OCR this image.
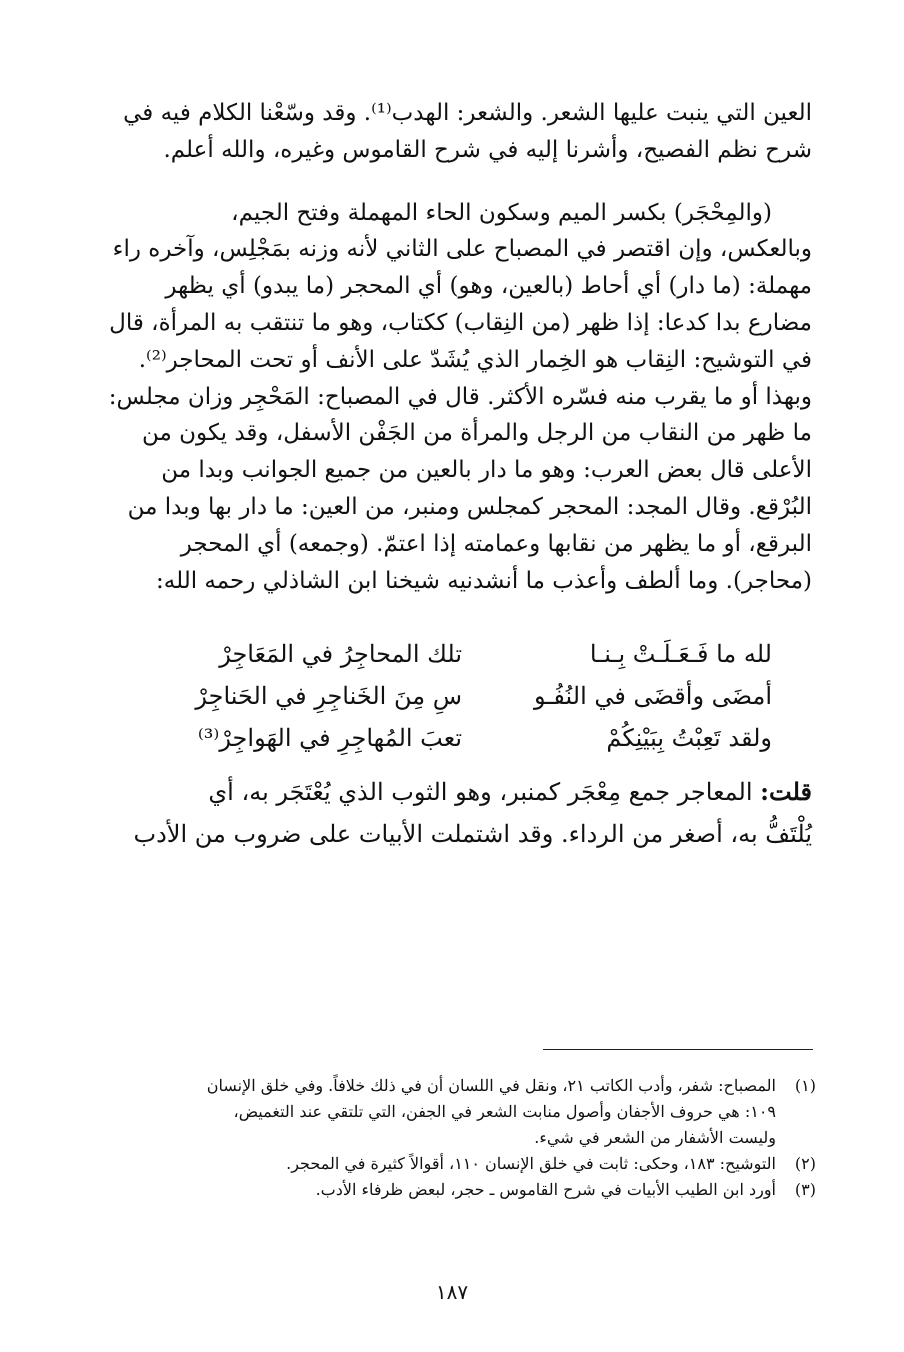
العين التي ينبت عليها الشعر. والشعر: الهدب⁽¹⁾. وقد وسّعْنا الكلام فيه في
شرح نظم الفصيح، وأشرنا إليه في شرح القاموس وغيره، والله أعلم.
(والمِحْجَر) بكسر الميم وسكون الحاء المهملة وفتح الجيم،
وبالعكس، وإن اقتصر في المصباح على الثاني لأنه وزنه بمَجْلِس، وآخره راء
مهملة: (ما دار) أي أحاط (بالعين، وهو) أي المحجر (ما يبدو) أي يظهر
مضارع بدا كدعا: إذا ظهر (من النِقاب) ككتاب، وهو ما تنتقب به المرأة، قال
في التوشيح: النِقاب هو الخِمار الذي يُشَدّ على الأنف أو تحت المحاجر⁽²⁾.
وبهذا أو ما يقرب منه فسّره الأكثر. قال في المصباح: المَحْجِر وزان مجلس:
ما ظهر من النقاب من الرجل والمرأة من الجَفْن الأسفل، وقد يكون من
الأعلى قال بعض العرب: وهو ما دار بالعين من جميع الجوانب وبدا من
البُرْقع. وقال المجد: المحجر كمجلس ومنبر، من العين: ما دار بها وبدا من
البرقع، أو ما يظهر من نقابها وعمامته إذا اعتمّ. (وجمعه) أي المحجر
(محاجر). وما ألطف وأعذب ما أنشدنيه شيخنا ابن الشاذلي رحمه الله:
لله ما فَـعَـلَـتْ بِـنـا
تلك المحاجِرُ في المَعَاجِرْ
أمضَى وأقضَى في النُفُـو
سِ مِنَ الخَناجِرِ في الحَناجِرْ
ولقد تَعِبْتُ بِبَيْنِكُمْ
تعبَ المُهاجِرِ في الهَواجِرْ⁽³⁾
قلت: المعاجر جمع مِعْجَر كمنبر، وهو الثوب الذي يُعْتَجَر به، أي
يُلْتَفُّ به، أصغر من الرداء. وقد اشتملت الأبيات على ضروب من الأدب
(١)
المصباح: شفر، وأدب الكاتب ٢١، ونقل في اللسان أن في ذلك خلافاً. وفي خلق الإنسان
١٠٩: هي حروف الأجفان وأصول منابت الشعر في الجفن، التي تلتقي عند التغميض،
وليست الأشفار من الشعر في شيء.
(٢)
التوشيح: ١٨٣، وحكى: ثابت في خلق الإنسان ١١٠، أقوالاً كثيرة في المحجر.
(٣)
أورد ابن الطيب الأبيات في شرح القاموس ـ حجر، لبعض ظرفاء الأدب.
١٨٧
